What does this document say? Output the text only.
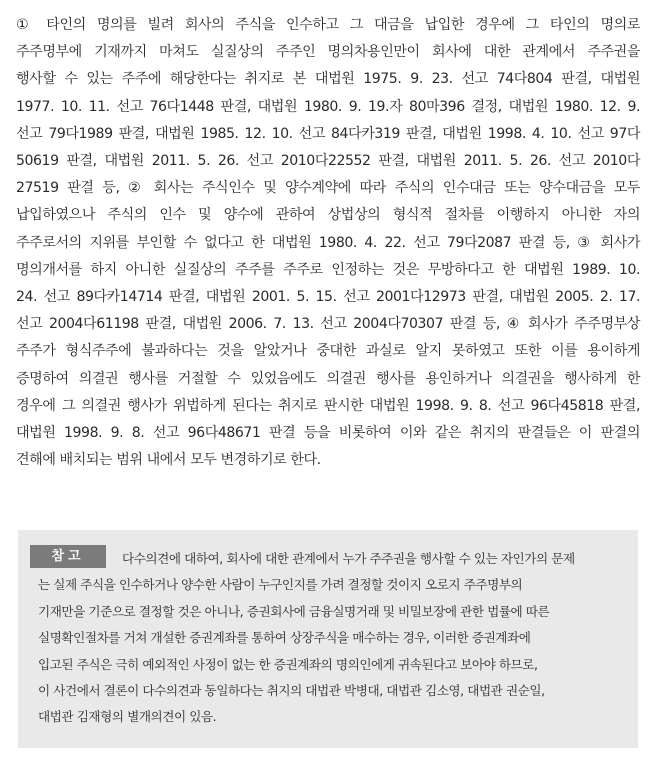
① 타인의 명의를 빌려 회사의 주식을 인수하고 그 대금을 납입한 경우에 그 타인의 명의로
주주명부에 기재까지 마쳐도 실질상의 주주인 명의차용인만이 회사에 대한 관계에서 주주권을
행사할 수 있는 주주에 해당한다는 취지로 본 대법원 1975. 9. 23. 선고 74다804 판결, 대법원
1977. 10. 11. 선고 76다1448 판결, 대법원 1980. 9. 19.자 80마396 결정, 대법원 1980. 12. 9.
선고 79다1989 판결, 대법원 1985. 12. 10. 선고 84다카319 판결, 대법원 1998. 4. 10. 선고 97다
50619 판결, 대법원 2011. 5. 26. 선고 2010다22552 판결, 대법원 2011. 5. 26. 선고 2010다
27519 판결 등, ② 회사는 주식인수 및 양수계약에 따라 주식의 인수대금 또는 양수대금을 모두
납입하였으나 주식의 인수 및 양수에 관하여 상법상의 형식적 절차를 이행하지 아니한 자의
주주로서의 지위를 부인할 수 없다고 한 대법원 1980. 4. 22. 선고 79다2087 판결 등, ③ 회사가
명의개서를 하지 아니한 실질상의 주주를 주주로 인정하는 것은 무방하다고 한 대법원 1989. 10.
24. 선고 89다카14714 판결, 대법원 2001. 5. 15. 선고 2001다12973 판결, 대법원 2005. 2. 17.
선고 2004다61198 판결, 대법원 2006. 7. 13. 선고 2004다70307 판결 등, ④ 회사가 주주명부상
주주가 형식주주에 불과하다는 것을 알았거나 중대한 과실로 알지 못하였고 또한 이를 용이하게
증명하여 의결권 행사를 거절할 수 있었음에도 의결권 행사를 용인하거나 의결권을 행사하게 한
경우에 그 의결권 행사가 위법하게 된다는 취지로 판시한 대법원 1998. 9. 8. 선고 96다45818 판결,
대법원 1998. 9. 8. 선고 96다48671 판결 등을 비롯하여 이와 같은 취지의 판결들은 이 판결의
견해에 배치되는 범위 내에서 모두 변경하기로 한다.
참고	다수의견에 대하여, 회사에 대한 관계에서 누가 주주권을 행사할 수 있는 자인가의 문제
는 실제 주식을 인수하거나 양수한 사람이 누구인지를 가려 결정할 것이지 오로지 주주명부의
기재만을 기준으로 결정할 것은 아니나, 증권회사에 금융실명거래 및 비밀보장에 관한 법률에 따른
실명확인절차를 거쳐 개설한 증권계좌를 통하여 상장주식을 매수하는 경우, 이러한 증권계좌에
입고된 주식은 극히 예외적인 사정이 없는 한 증권계좌의 명의인에게 귀속된다고 보아야 하므로,
이 사건에서 결론이 다수의견과 동일하다는 취지의 대법관 박병대, 대법관 김소영, 대법관 권순일,
대법관 김재형의 별개의견이 있음.
